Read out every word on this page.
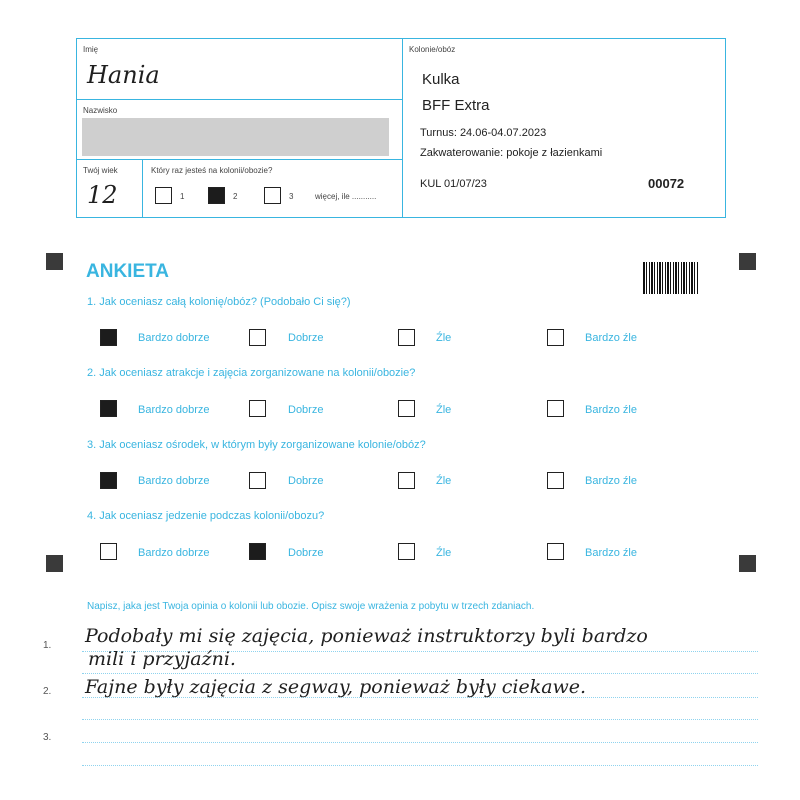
Imię
Hania
Nazwisko
Twój wiek
12
Który raz jesteś na kolonii/obozie?
1	2	3	więcej, ile ...........
Kolonie/obóz
Kulka
BFF Extra
Turnus: 24.06-04.07.2023
Zakwaterowanie: pokoje z łazienkami
KUL 01/07/23	00072
ANKIETA
1. Jak oceniasz całą kolonię/obóz? (Podobało Ci się?)
Bardzo dobrze	Dobrze	Źle	Bardzo źle
2. Jak oceniasz atrakcje i zajęcia zorganizowane na kolonii/obozie?
Bardzo dobrze	Dobrze	Źle	Bardzo źle
3. Jak oceniasz ośrodek, w którym były zorganizowane kolonie/obóz?
Bardzo dobrze	Dobrze	Źle	Bardzo źle
4. Jak oceniasz jedzenie podczas kolonii/obozu?
Bardzo dobrze	Dobrze	Źle	Bardzo źle
Napisz, jaka jest Twoja opinia o kolonii lub obozie. Opisz swoje wrażenia z pobytu w trzech zdaniach.
1.
2.
3.
Podobały mi się zajęcia, ponieważ instruktorzy byli bardzo
mili i przyjaźni.
Fajne były zajęcia z segway, ponieważ były ciekawe.
